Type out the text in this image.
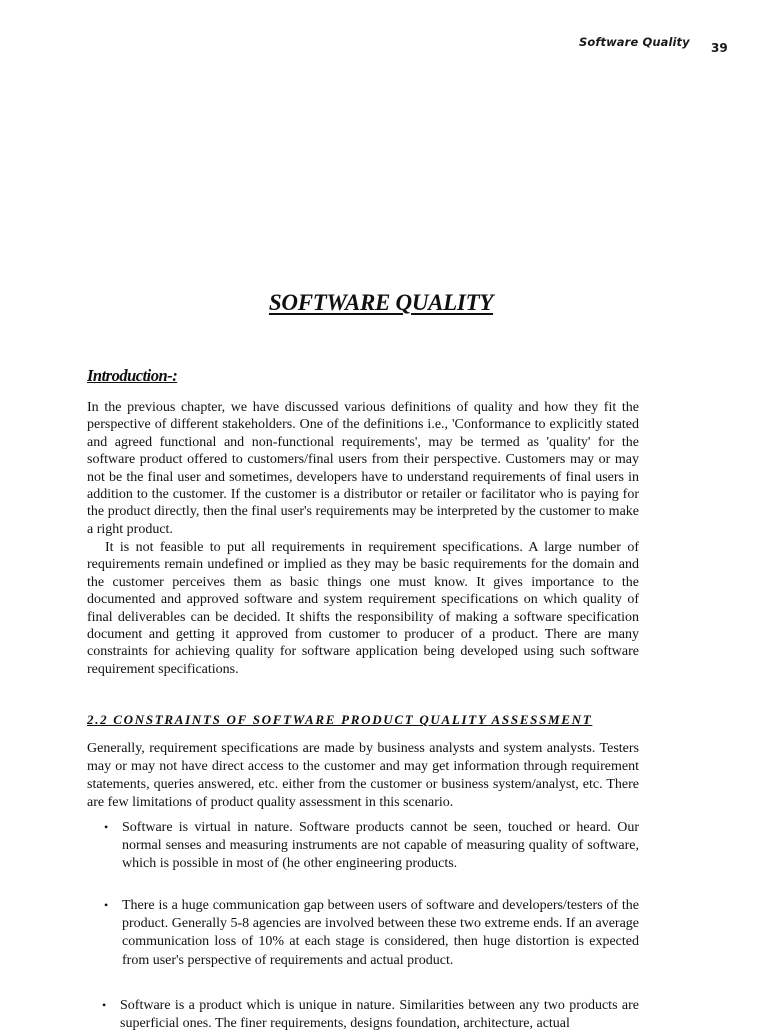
Software Quality 39
SOFTWARE QUALITY
Introduction-:

In the previous chapter, we have discussed various definitions of quality and how they fit the perspective of different stakeholders. One of the definitions i.e., 'Conformance to explicitly stated and agreed functional and non-functional requirements', may be termed as 'quality' for the software product offered to customers/final users from their perspective. Customers may or may not be the final user and sometimes, developers have to understand requirements of final users in addition to the customer. If the customer is a distributor or retailer or facilitator who is paying for the product directly, then the final user's requirements may be interpreted by the customer to make a right product.

It is not feasible to put all requirements in requirement specifications. A large number of requirements remain undefined or implied as they may be basic requirements for the domain and the customer perceives them as basic things one must know. It gives importance to the documented and approved software and system requirement specifications on which quality of final deliverables can be decided. It shifts the responsibility of making a software specification document and getting it approved from customer to producer of a product. There are many constraints for achieving quality for software application being developed using such software requirement specifications.

2.2 CONSTRAINTS OF SOFTWARE PRODUCT QUALITY ASSESSMENT

Generally, requirement specifications are made by business analysts and system analysts. Testers may or may not have direct access to the customer and may get information through requirement statements, queries answered, etc. either from the customer or business system/analyst, etc. There are few limitations of product quality assessment in this scenario.

• Software is virtual in nature. Software products cannot be seen, touched or heard. Our normal senses and measuring instruments are not capable of measuring quality of software, which is possible in most of (he other engineering products.

• There is a huge communication gap between users of software and developers/testers of the product. Generally 5-8 agencies are involved between these two extreme ends. If an average communication loss of 10% at each stage is considered, then huge distortion is expected from user's perspective of requirements and actual product.

• Software is a product which is unique in nature. Similarities between any two products are superficial ones. The finer requirements, designs foundation, architecture, actual
